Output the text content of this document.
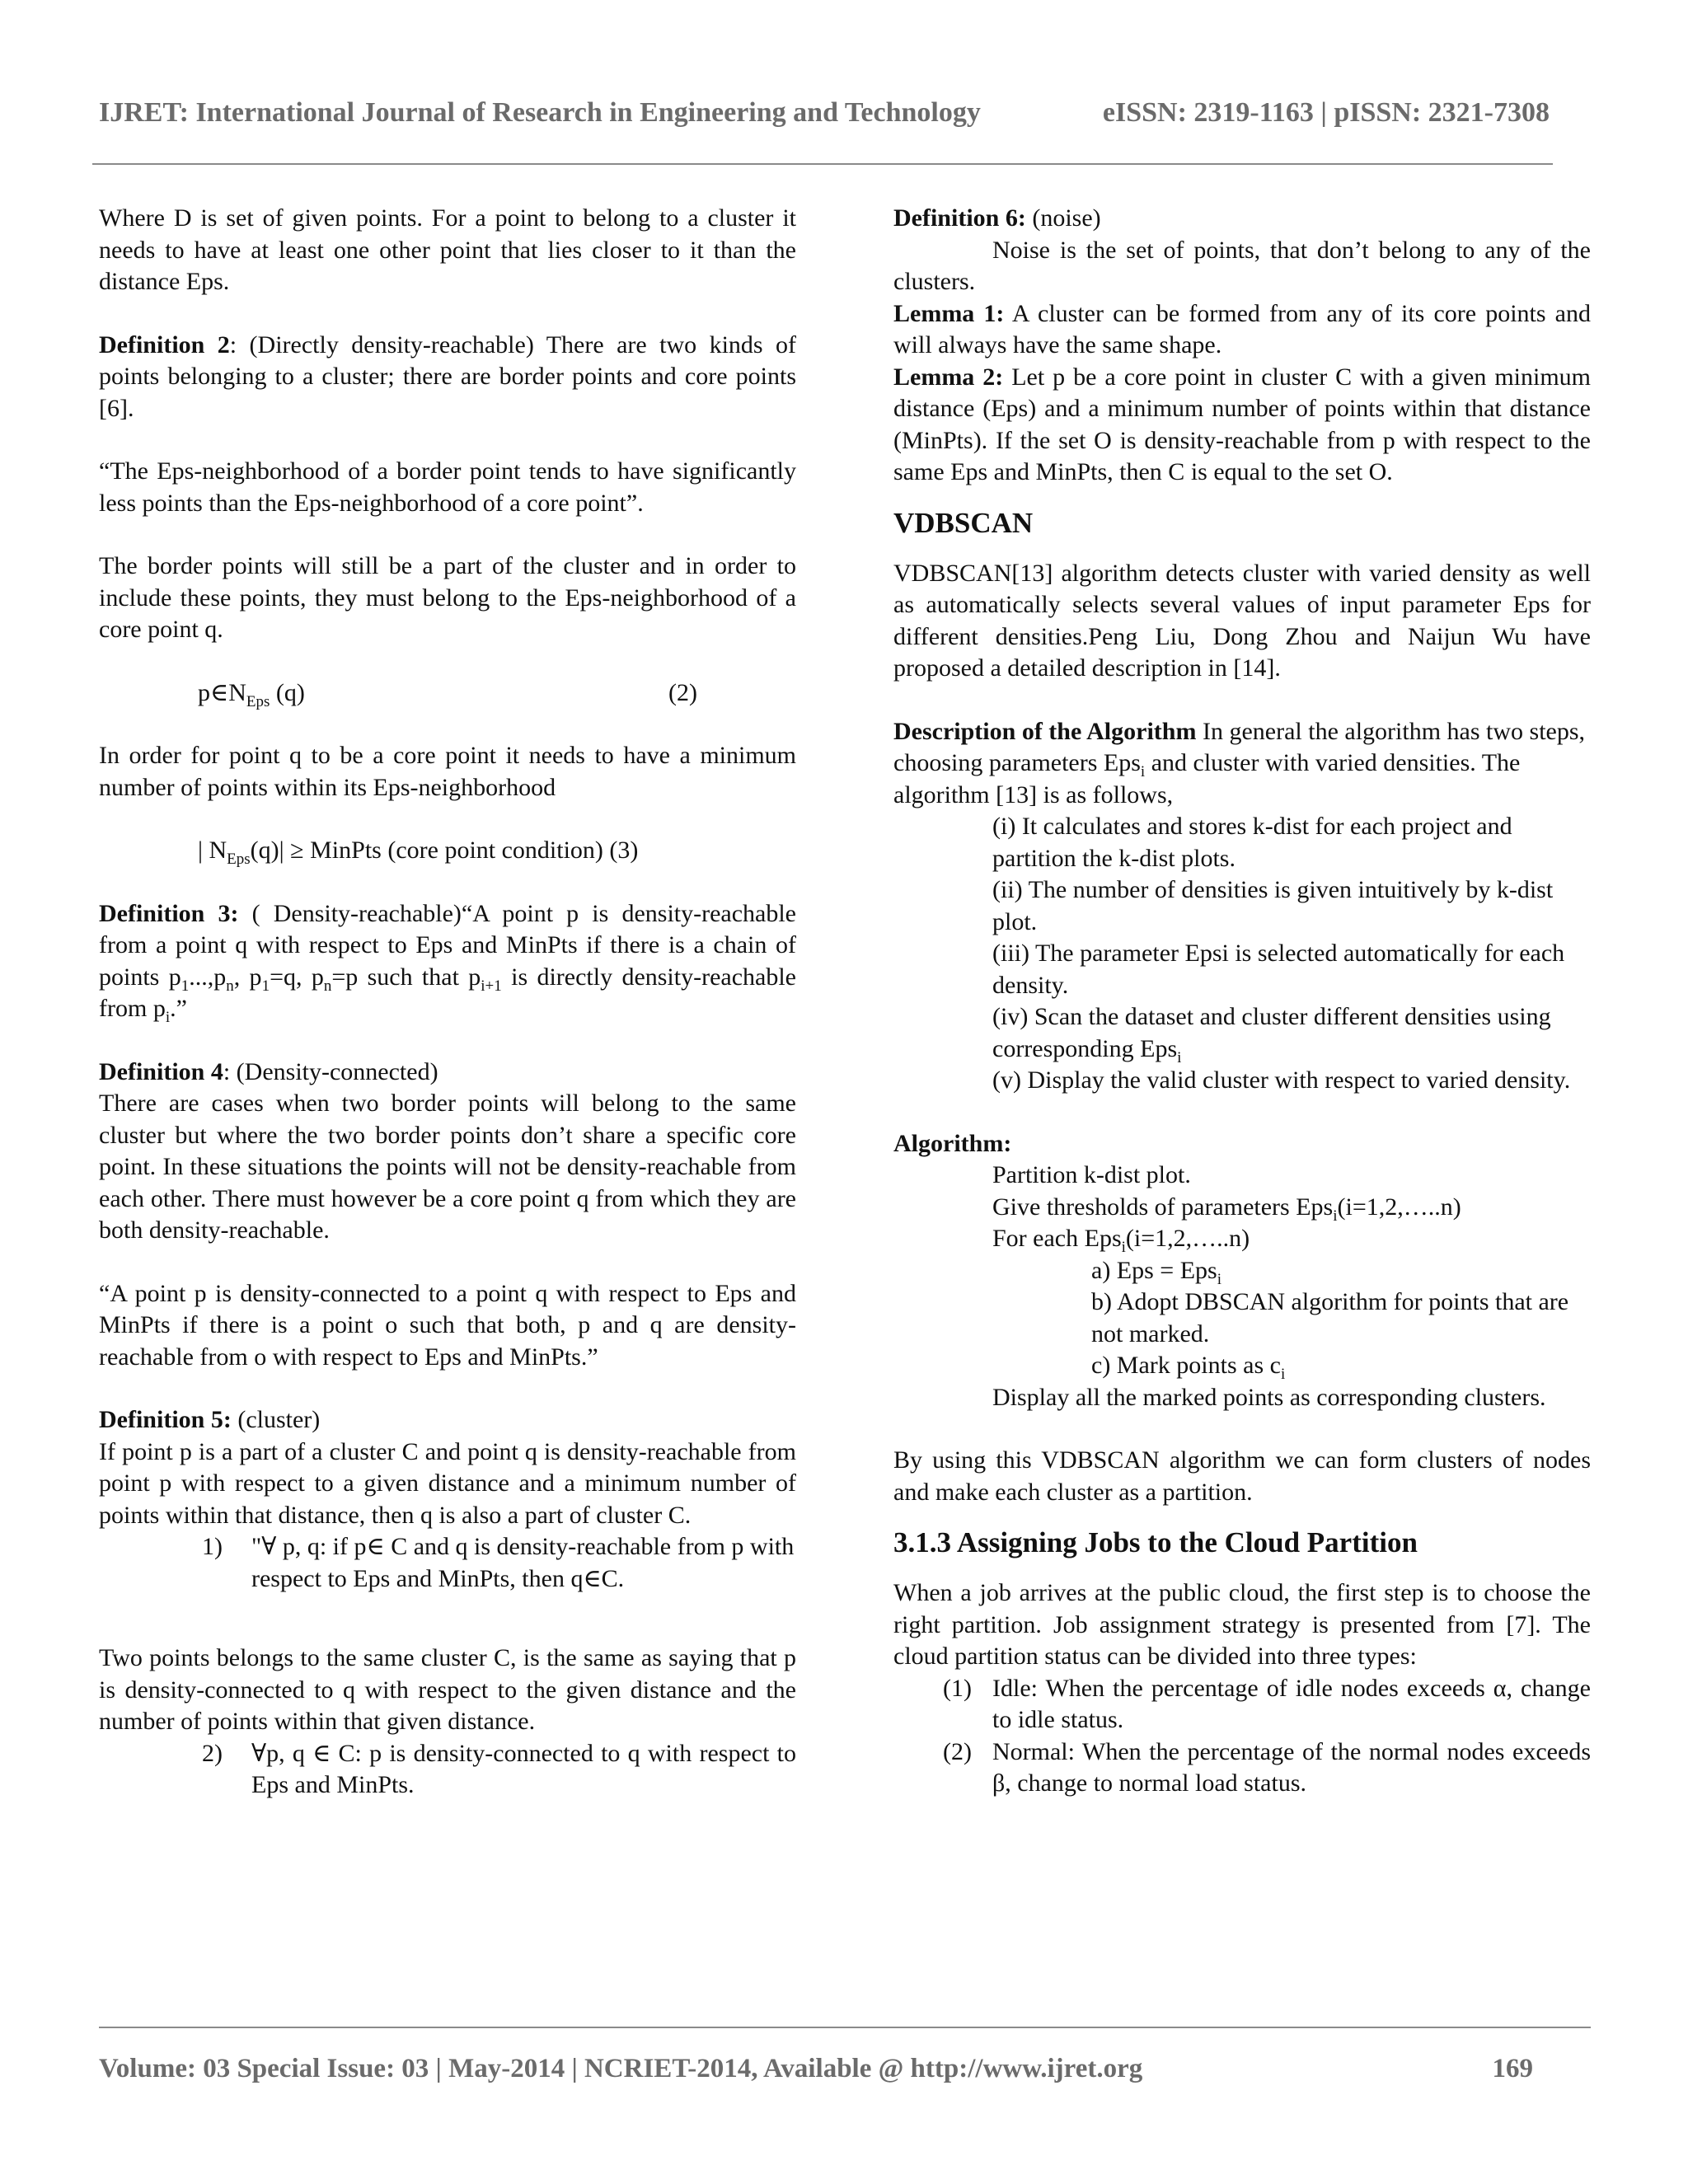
IJRET: International Journal of Research in Engineering and Technology	eISSN: 2319-1163 | pISSN: 2321-7308

Where D is set of given points. For a point to belong to a cluster it needs to have at least one other point that lies closer to it than the distance Eps.

Definition 2: (Directly density-reachable) There are two kinds of points belonging to a cluster; there are border points and core points [6].

“The Eps-neighborhood of a border point tends to have significantly less points than the Eps-neighborhood of a core point”.

The border points will still be a part of the cluster and in order to include these points, they must belong to the Eps-neighborhood of a core point q.

$p\in N_{Eps}$ (q)	(2)

In order for point q to be a core point it needs to have a minimum number of points within its Eps-neighborhood

| $N_{Eps}(q)|$ ≥ MinPts (core point condition) (3)

Definition 3: ( Density-reachable)“A point p is density-reachable from a point q with respect to Eps and MinPts if there is a chain of points $p_1...,p_n$, $p_1=q$, $p_n=p$ such that $p_{i+1}$ is directly density-reachable from $p_i$.”

Definition 4: (Density-connected)

There are cases when two border points will belong to the same cluster but where the two border points don’t share a specific core point. In these situations the points will not be density-reachable from each other. There must however be a core point q from which they are both density-reachable.

“A point p is density-connected to a point q with respect to Eps and MinPts if there is a point o such that both, p and q are density-reachable from o with respect to Eps and MinPts.”

Definition 5: (cluster)

If point p is a part of a cluster C and point q is density-reachable from point p with respect to a given distance and a minimum number of points within that distance, then q is also a part of cluster C.

1)	"∀ p, q: if p∈ C and q is density-reachable from p with respect to Eps and MinPts, then q∈C.

Two points belongs to the same cluster C, is the same as saying that p is density-connected to q with respect to the given distance and the number of points within that given distance.

2)	∀p, q ∈ C: p is density-connected to q with respect to Eps and MinPts.

Definition 6: (noise)

Noise is the set of points, that don’t belong to any of the clusters.

Lemma 1: A cluster can be formed from any of its core points and will always have the same shape.

Lemma 2: Let p be a core point in cluster C with a given minimum distance (Eps) and a minimum number of points within that distance (MinPts). If the set O is density-reachable from p with respect to the same Eps and MinPts, then C is equal to the set O.

VDBSCAN

VDBSCAN[13] algorithm detects cluster with varied density as well as automatically selects several values of input parameter Eps for different densities.Peng Liu, Dong Zhou and Naijun Wu have proposed a detailed description in [14].

Description of the Algorithm In general the algorithm has two steps, choosing parameters Eps$_i$ and cluster with varied densities. The algorithm [13] is as follows,

(i) It calculates and stores k-dist for each project and partition the k-dist plots.

(ii) The number of densities is given intuitively by k-dist plot.

(iii) The parameter Epsi is selected automatically for each density.

(iv) Scan the dataset and cluster different densities using corresponding Eps$_i$

(v) Display the valid cluster with respect to varied density.

Algorithm:

Partition k-dist plot.

Give thresholds of parameters Eps$_i$(i=1,2,…..n)

For each Eps$_i$(i=1,2,…..n)

a) Eps = Eps$_i$

b) Adopt DBSCAN algorithm for points that are not marked.

c) Mark points as $c_i$

Display all the marked points as corresponding clusters.

By using this VDBSCAN algorithm we can form clusters of nodes and make each cluster as a partition.

3.1.3 Assigning Jobs to the Cloud Partition

When a job arrives at the public cloud, the first step is to choose the right partition. Job assignment strategy is presented from [7]. The cloud partition status can be divided into three types:

(1) Idle: When the percentage of idle nodes exceeds α, change to idle status.
(2) Normal: When the percentage of the normal nodes exceeds β, change to normal load status.
Volume: 03 Special Issue: 03 | May-2014 | NCRIET-2014, Available @ http://www.ijret.org	169
